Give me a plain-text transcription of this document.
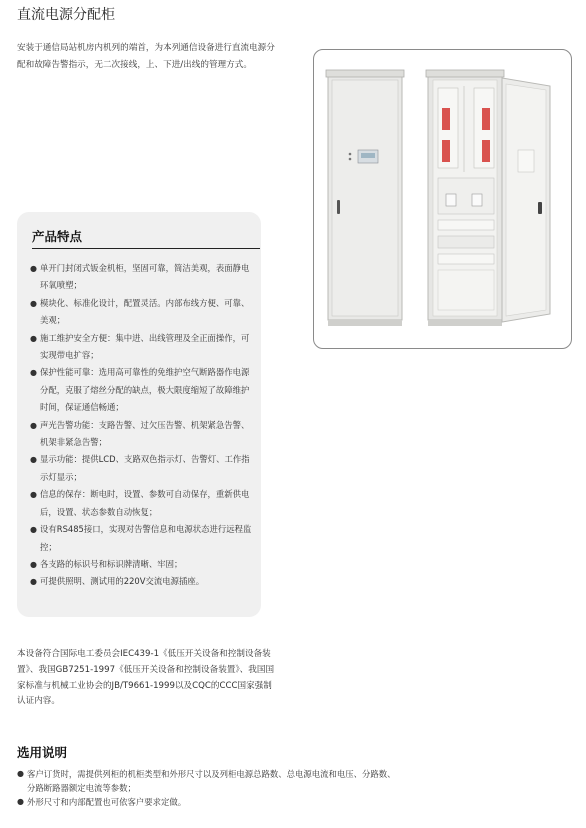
直流电源分配柜
安装于通信局站机房内机列的端首，为本列通信设备进行直流电源分配和故障告警指示，无二次接线，上、下进/出线的管理方式。
产品特点
● 单开门封闭式钣金机柜，坚固可靠，简洁美观，表面静电环氧喷塑；
● 模块化、标准化设计，配置灵活。内部布线方便、可靠、美观；
● 施工维护安全方便：集中进、出线管理及全正面操作，可实现带电扩容；
● 保护性能可靠：选用高可靠性的免维护空气断路器作电源分配，克服了熔丝分配的缺点，极大限度缩短了故障维护时间，保证通信畅通；
● 声光告警功能：支路告警、过欠压告警、机架紧急告警、机架非紧急告警；
● 显示功能：提供LCD、支路双色指示灯、告警灯、工作指示灯显示；
● 信息的保存：断电时，设置、参数可自动保存，重新供电后，设置、状态参数自动恢复；
● 设有RS485接口，实现对告警信息和电源状态进行远程监控；
● 各支路的标识号和标识牌清晰、牢固；
● 可提供照明、测试用的220V交流电源插座。
本设备符合国际电工委员会IEC439-1《低压开关设备和控制设备装置》、我国GB7251-1997《低压开关设备和控制设备装置》、我国国家标准与机械工业协会的JB/T9661-1999以及CQC的CCC国家强制认证内容。
选用说明
● 客户订货时，需提供列柜的机柜类型和外形尺寸以及列柜电源总路数、总电源电流和电压、分路数、分路断路器额定电流等参数；
● 外形尺寸和内部配置也可依客户要求定做。
